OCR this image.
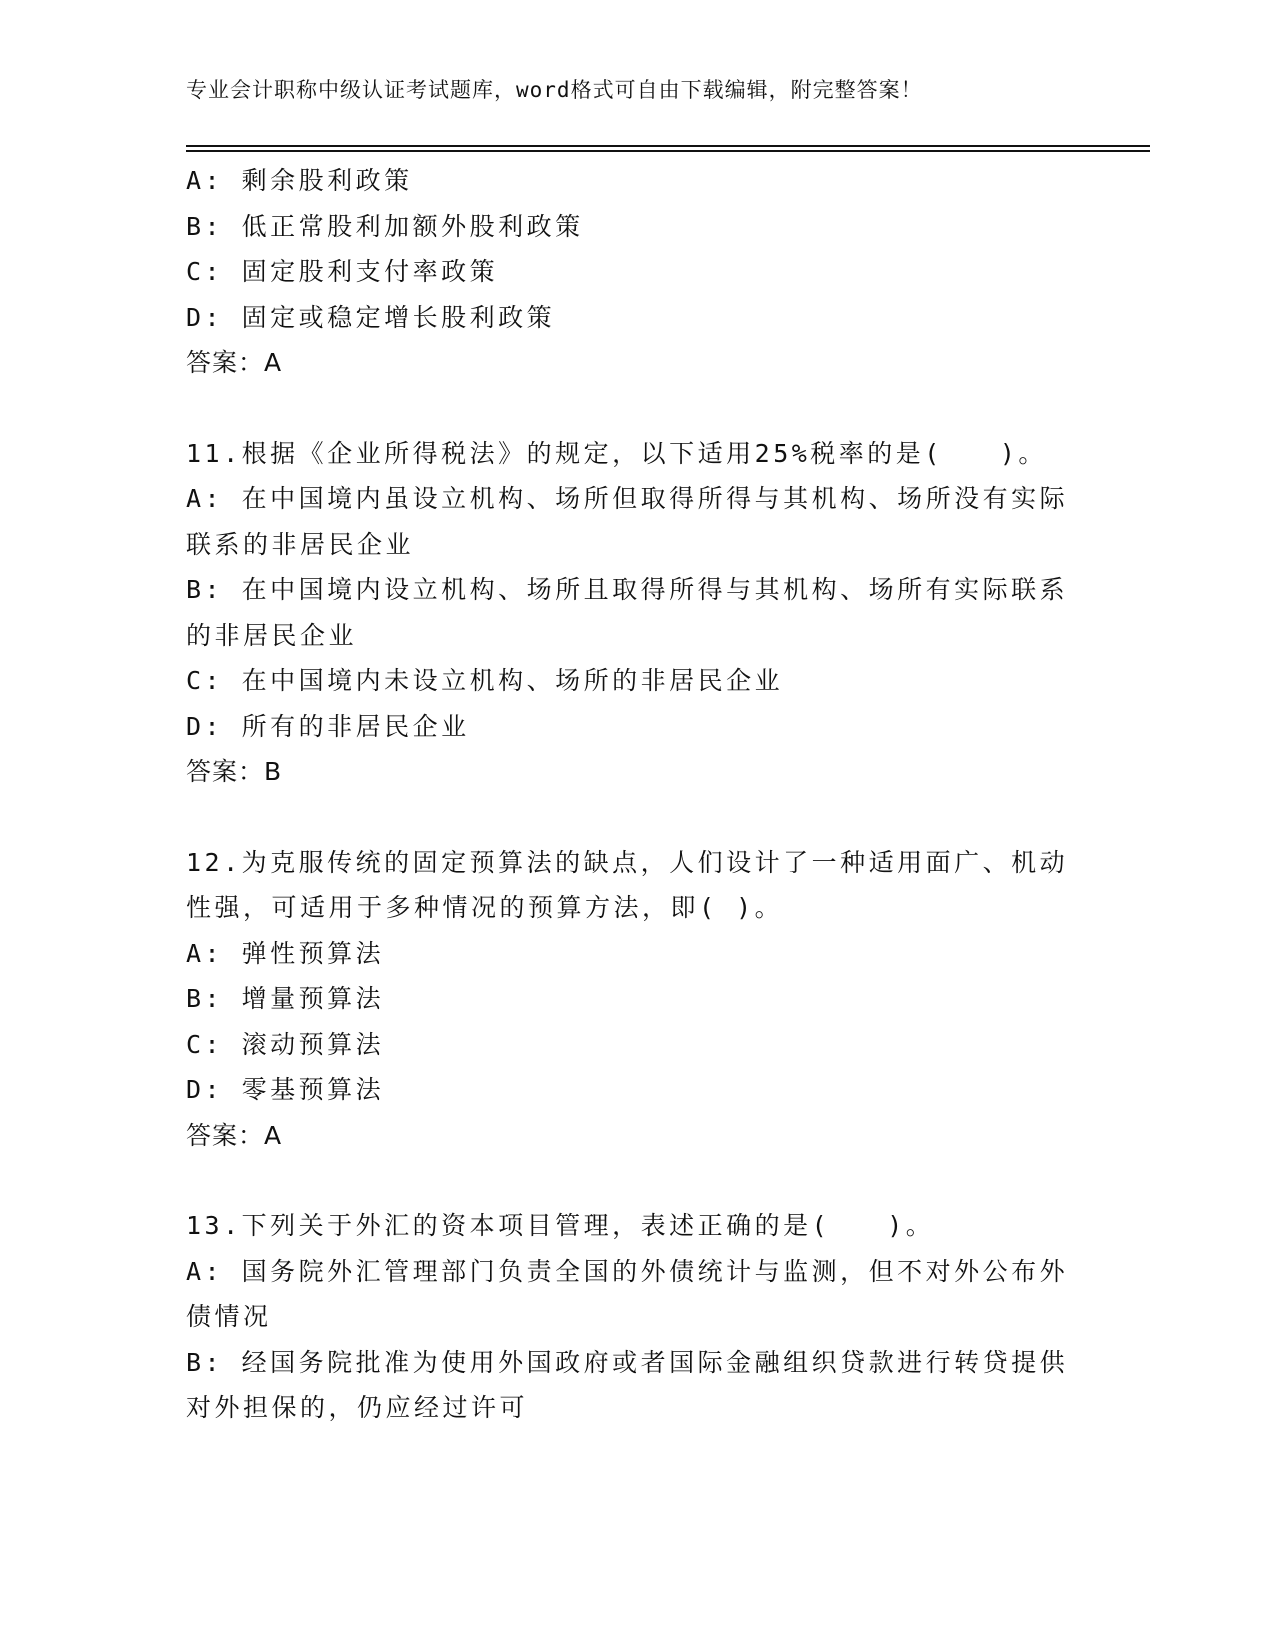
专业会计职称中级认证考试题库，word格式可自由下载编辑，附完整答案！
A: 剩余股利政策
B: 低正常股利加额外股利政策
C: 固定股利支付率政策
D: 固定或稳定增长股利政策
答案：A
11.根据《企业所得税法》的规定，以下适用25%税率的是(　　)。
A: 在中国境内虽设立机构、场所但取得所得与其机构、场所没有实际
联系的非居民企业
B: 在中国境内设立机构、场所且取得所得与其机构、场所有实际联系
的非居民企业
C: 在中国境内未设立机构、场所的非居民企业
D: 所有的非居民企业
答案：B
12.为克服传统的固定预算法的缺点，人们设计了一种适用面广、机动
性强，可适用于多种情况的预算方法，即( )。
A: 弹性预算法
B: 增量预算法
C: 滚动预算法
D: 零基预算法
答案：A
13.下列关于外汇的资本项目管理，表述正确的是(　　)。
A: 国务院外汇管理部门负责全国的外债统计与监测，但不对外公布外
债情况
B: 经国务院批准为使用外国政府或者国际金融组织贷款进行转贷提供
对外担保的，仍应经过许可
